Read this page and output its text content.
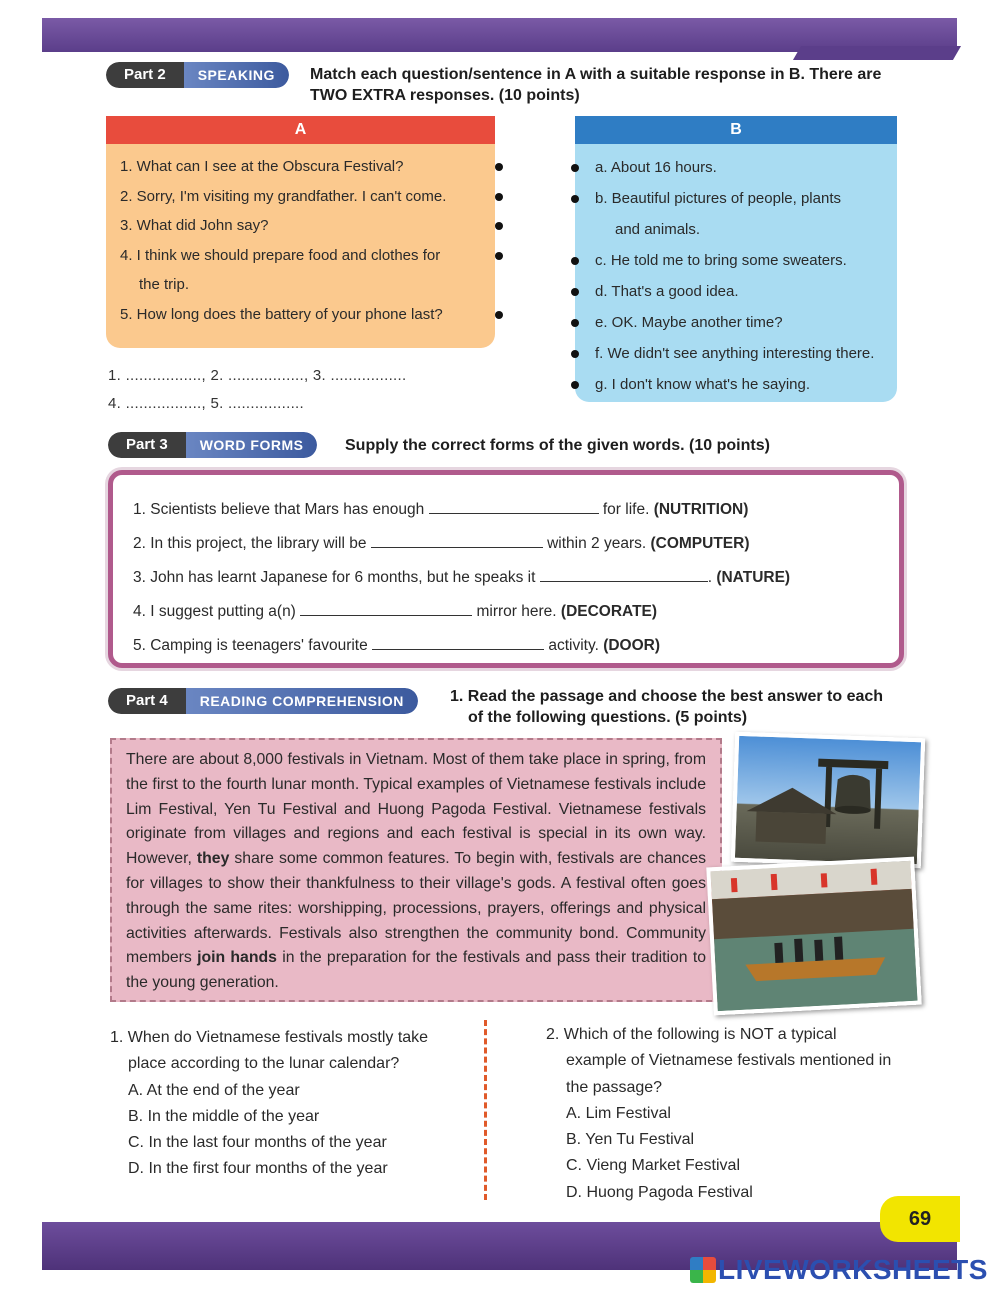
69
Part 2	SPEAKING	Match each question/sentence in A with a suitable response in B. There are
TWO EXTRA responses. (10 points)
A
1. What can I see at the Obscura Festival?
2. Sorry, I'm visiting my grandfather. I can't come.
3. What did John say?
4. I think we should prepare food and clothes for
the trip.
5. How long does the battery of your phone last?
B
a. About 16 hours.
b. Beautiful pictures of people, plants
and animals.
c. He told me to bring some sweaters.
d. That's a good idea.
e. OK. Maybe another time?
f. We didn't see anything interesting there.
g. I don't know what's he saying.
1. ................., 2. ................., 3. .................
4. ................., 5. .................
Part 3	WORD FORMS	Supply the correct forms of the given words. (10 points)
1. Scientists believe that Mars has enough	for life. (NUTRITION)
2. In this project, the library will be	within 2 years. (COMPUTER)
3. John has learnt Japanese for 6 months, but he speaks it	. (NATURE)
4. I suggest putting a(n)	mirror here. (DECORATE)
5. Camping is teenagers' favourite	activity. (DOOR)
Part 4	READING COMPREHENSION	1. Read the passage and choose the best answer to each
of the following questions. (5 points)
There are about 8,000 festivals in Vietnam. Most of them take place in spring, from the first to the fourth lunar month. Typical examples of Vietnamese festivals include Lim Festival, Yen Tu Festival and Huong Pagoda Festival. Vietnamese festivals originate from villages and regions and each festival is special in its own way. However, they share some common features. To begin with, festivals are chances for villages to show their thankfulness to their village's gods. A festival often goes through the same rites: worshipping, processions, prayers, offerings and physical activities afterwards. Festivals also strengthen the community bond. Community members join hands in the preparation for the festivals and pass their tradition to the young generation.
1. When do Vietnamese festivals mostly take
place according to the lunar calendar?
A. At the end of the year
B. In the middle of the year
C. In the last four months of the year
D. In the first four months of the year
2. Which of the following is NOT a typical
example of Vietnamese festivals mentioned in
the passage?
A. Lim Festival
B. Yen Tu Festival
C. Vieng Market Festival
D. Huong Pagoda Festival
LIVEWORKSHEETS
